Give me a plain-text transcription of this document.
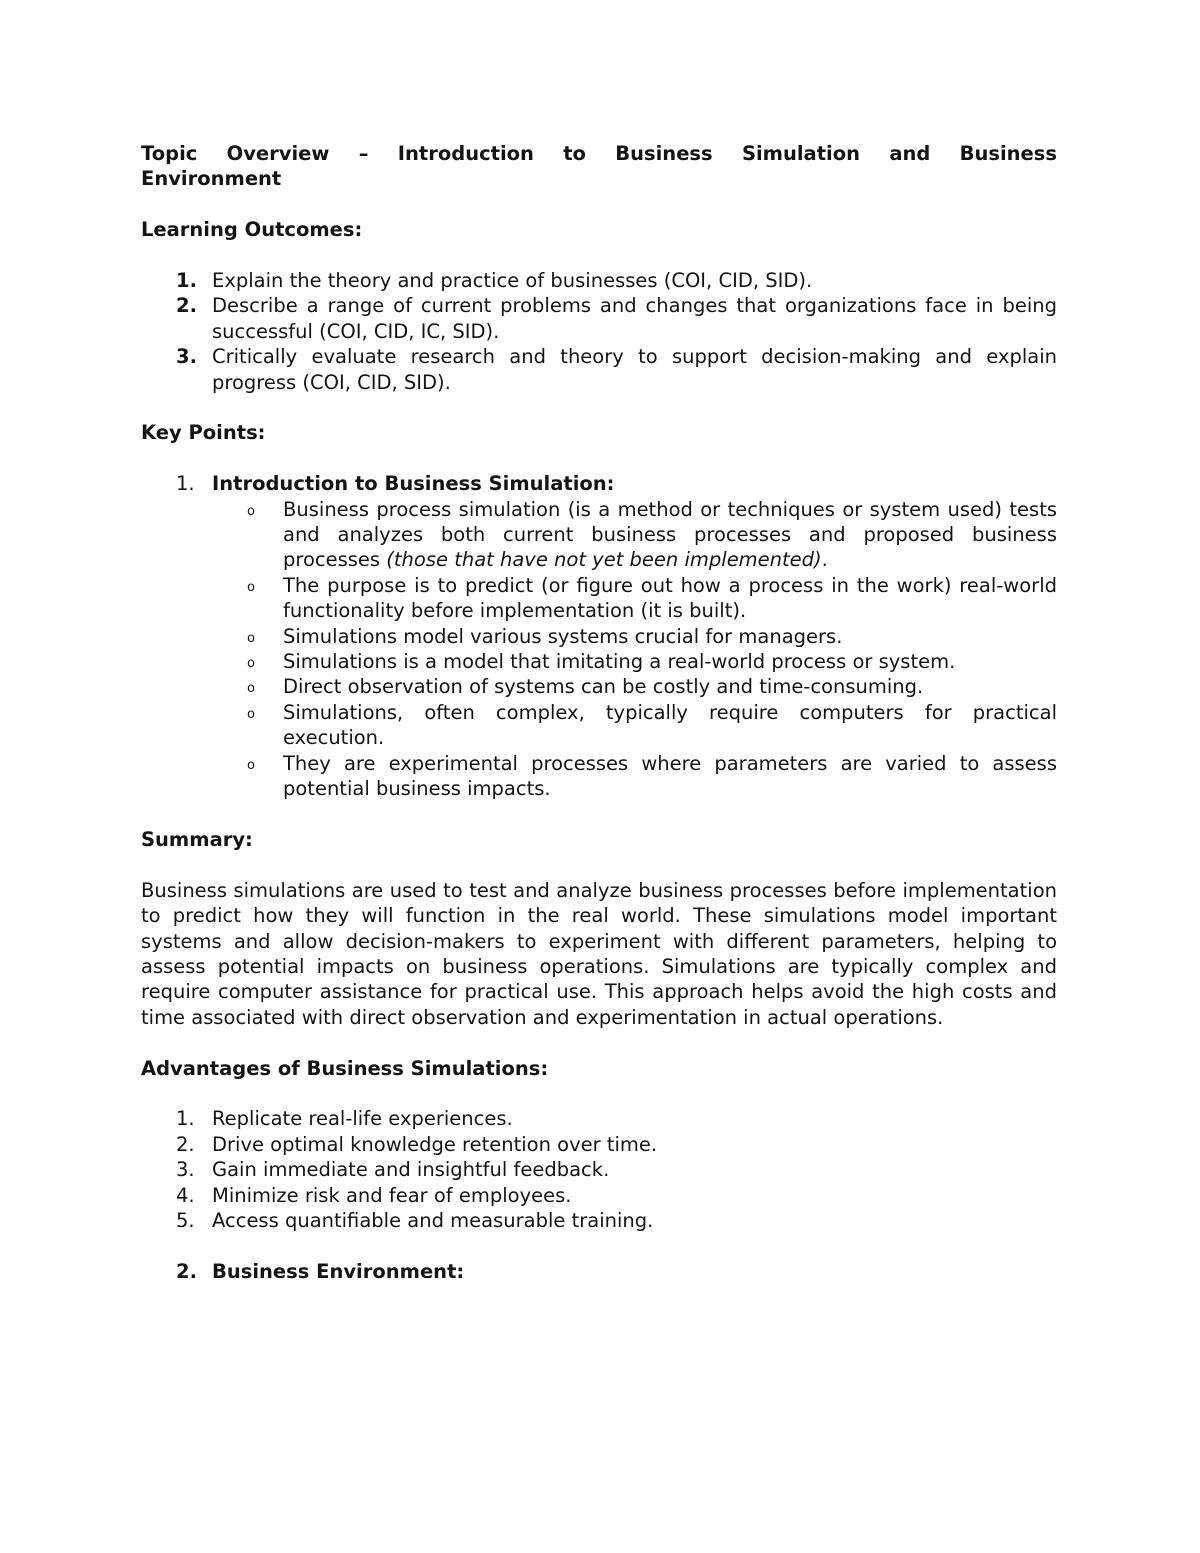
Topic Overview – Introduction to Business Simulation and Business Environment

Learning Outcomes:

1. Explain the theory and practice of businesses (COI, CID, SID).
2. Describe a range of current problems and changes that organizations face in being successful (COI, CID, IC, SID).
3. Critically evaluate research and theory to support decision-making and explain progress (COI, CID, SID).

Key Points:

1. Introduction to Business Simulation:
o Business process simulation (is a method or techniques or system used) tests and analyzes both current business processes and proposed business processes (those that have not yet been implemented).
o The purpose is to predict (or figure out how a process in the work) real-world functionality before implementation (it is built).
o Simulations model various systems crucial for managers.
o Simulations is a model that imitating a real-world process or system.
o Direct observation of systems can be costly and time-consuming.
o Simulations, often complex, typically require computers for practical execution.
o They are experimental processes where parameters are varied to assess potential business impacts.

Summary:

Business simulations are used to test and analyze business processes before implementation to predict how they will function in the real world. These simulations model important systems and allow decision-makers to experiment with different parameters, helping to assess potential impacts on business operations. Simulations are typically complex and require computer assistance for practical use. This approach helps avoid the high costs and time associated with direct observation and experimentation in actual operations.

Advantages of Business Simulations:

1. Replicate real-life experiences.
2. Drive optimal knowledge retention over time.
3. Gain immediate and insightful feedback.
4. Minimize risk and fear of employees.
5. Access quantifiable and measurable training.
2. Business Environment:
